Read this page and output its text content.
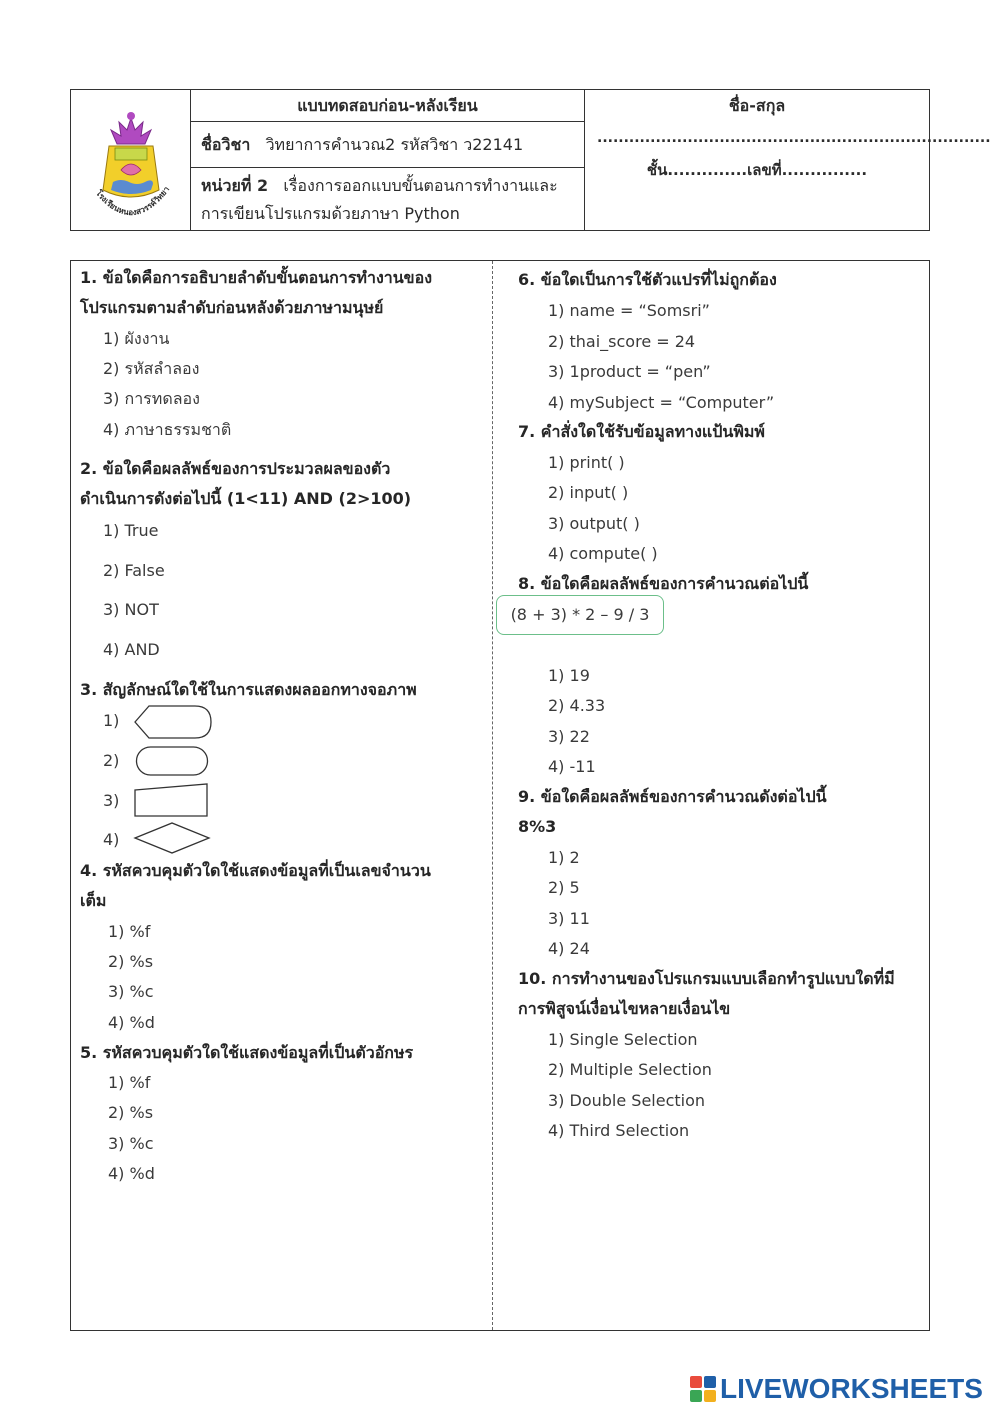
โรงเรียนหนองสวรรค์วิทยา
แบบทดสอบก่อน-หลังเรียน
ชื่อวิชา วิทยาการคำนวณ2 รหัสวิชา ว22141
หน่วยที่ 2 เรื่องการออกแบบขั้นตอนการทำงานและ
การเขียนโปรแกรมด้วยภาษา Python
ชื่อ-สกุล
..........................................................................
ชั้น..............เลขที่...............
1. ข้อใดคือการอธิบายลำดับขั้นตอนการทำงานของ
โปรแกรมตามลำดับก่อนหลังด้วยภาษามนุษย์
1) ผังงาน
2) รหัสลำลอง
3) การทดลอง
4) ภาษาธรรมชาติ
2. ข้อใดคือผลลัพธ์ของการประมวลผลของตัว
ดำเนินการดังต่อไปนี้ (1<11) AND (2>100)
1) True
2) False
3) NOT
4) AND
3. สัญลักษณ์ใดใช้ในการแสดงผลออกทางจอภาพ
1)
2)
3)
4)
4. รหัสควบคุมตัวใดใช้แสดงข้อมูลที่เป็นเลขจำนวน
เต็ม
1) %f
2) %s
3) %c
4) %d
5. รหัสควบคุมตัวใดใช้แสดงข้อมูลที่เป็นตัวอักษร
1) %f
2) %s
3) %c
4) %d
6. ข้อใดเป็นการใช้ตัวแปรที่ไม่ถูกต้อง
1) name = “Somsri”
2) thai_score = 24
3) 1product = “pen”
4) mySubject = “Computer”
7. คำสั่งใดใช้รับข้อมูลทางแป้นพิมพ์
1) print( )
2) input( )
3) output( )
4) compute( )
8. ข้อใดคือผลลัพธ์ของการคำนวณต่อไปนี้
(8 + 3) * 2 – 9 / 3
1) 19
2) 4.33
3) 22
4) -11
9. ข้อใดคือผลลัพธ์ของการคำนวณดังต่อไปนี้
8%3
1) 2
2) 5
3) 11
4) 24
10. การทำงานของโปรแกรมแบบเลือกทำรูปแบบใดที่มี
การพิสูจน์เงื่อนไขหลายเงื่อนไข
1) Single Selection
2) Multiple Selection
3) Double Selection
4) Third Selection
LIVEWORKSHEETS
